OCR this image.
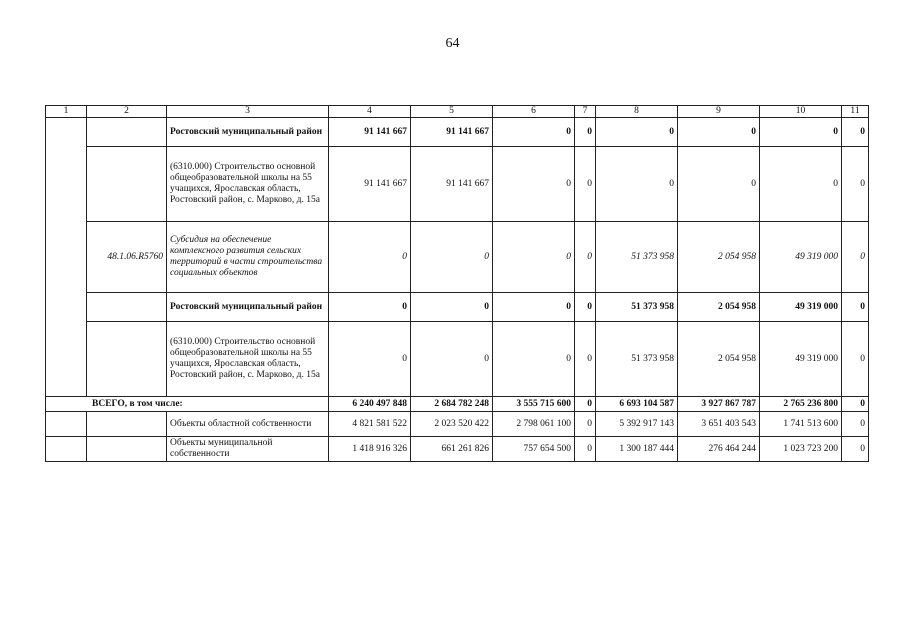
64
1	2	3	4	5	6	7	8	9	10	11
		Ростовский муниципальный район	91 141 667	91 141 667	0	0	0	0	0	0
		(6310.000) Строительство основной общеобразовательной школы на 55 учащихся, Ярославская область, Ростовский район, с. Марково, д. 15а	91 141 667	91 141 667	0	0	0	0	0	0
	48.1.06.R5760	Субсидия на обеспечение комплексного развития сельских территорий в части строительства социальных объектов	0	0	0	0	51 373 958	2 054 958	49 319 000	0
		Ростовский муниципальный район	0	0	0	0	51 373 958	2 054 958	49 319 000	0
		(6310.000) Строительство основной общеобразовательной школы на 55 учащихся, Ярославская область, Ростовский район, с. Марково, д. 15а	0	0	0	0	51 373 958	2 054 958	49 319 000	0
ВСЕГО, в том числе:			6 240 497 848	2 684 782 248	3 555 715 600	0	6 693 104 587	3 927 867 787	2 765 236 800	0
		Объекты областной собственности	4 821 581 522	2 023 520 422	2 798 061 100	0	5 392 917 143	3 651 403 543	1 741 513 600	0
		Объекты муниципальной собственности	1 418 916 326	661 261 826	757 654 500	0	1 300 187 444	276 464 244	1 023 723 200	0
